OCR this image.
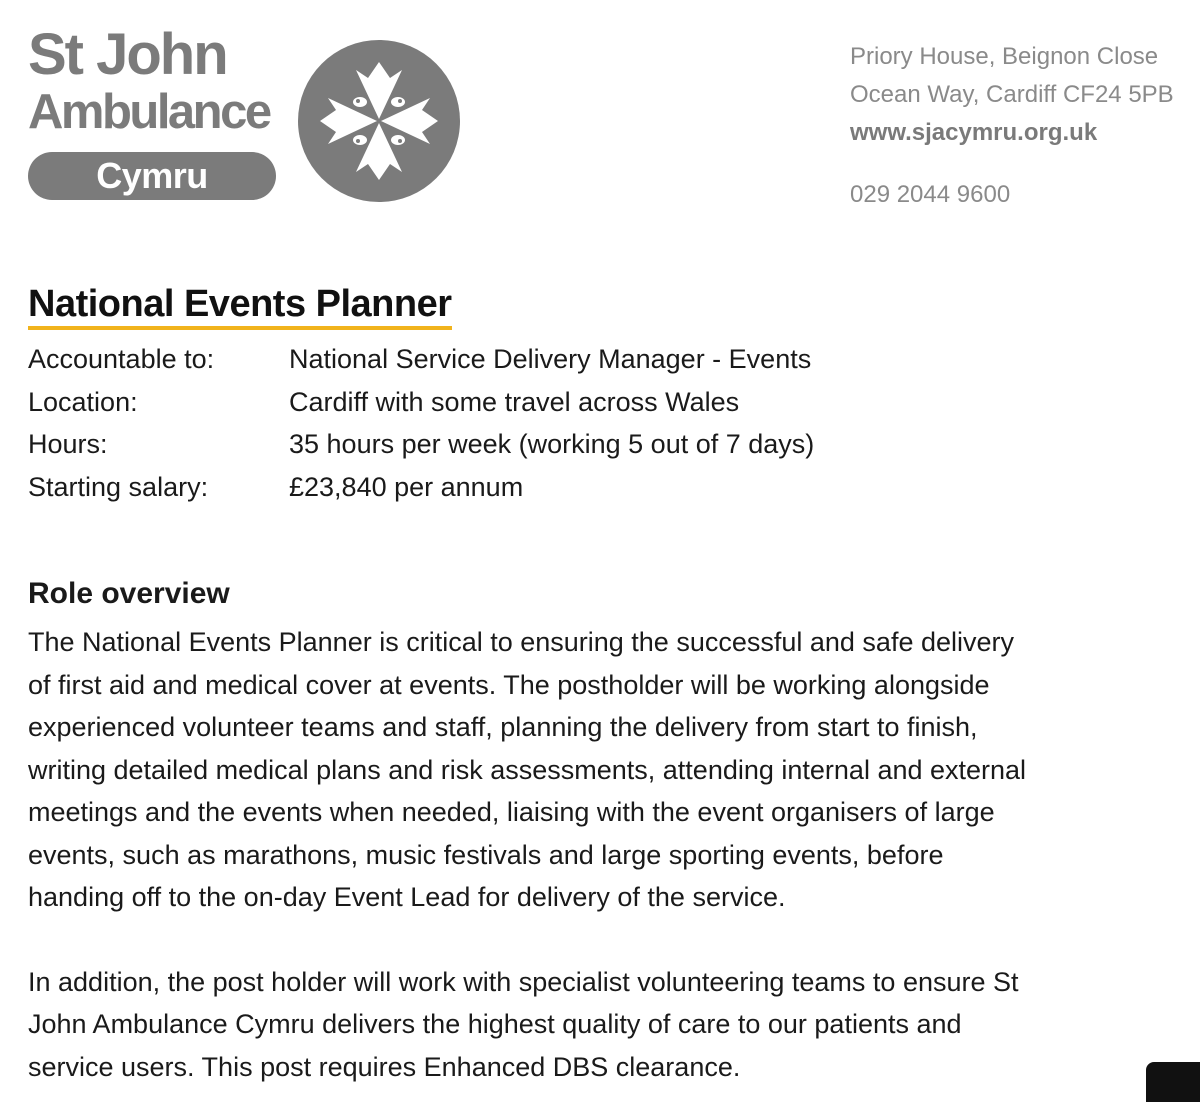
St John
Ambulance
Cymru
Priory House, Beignon Close
Ocean Way, Cardiff CF24 5PB
www.sjacymru.org.uk
029 2044 9600
National Events Planner
Accountable to:	National Service Delivery Manager - Events
Location:	Cardiff with some travel across Wales
Hours:	35 hours per week (working 5 out of 7 days)
Starting salary:	£23,840 per annum
Role overview
The National Events Planner is critical to ensuring the successful and safe delivery
of first aid and medical cover at events. The postholder will be working alongside
experienced volunteer teams and staff, planning the delivery from start to finish,
writing detailed medical plans and risk assessments, attending internal and external
meetings and the events when needed, liaising with the event organisers of large
events, such as marathons, music festivals and large sporting events, before
handing off to the on-day Event Lead for delivery of the service.
In addition, the post holder will work with specialist volunteering teams to ensure St
John Ambulance Cymru delivers the highest quality of care to our patients and
service users. This post requires Enhanced DBS clearance.
